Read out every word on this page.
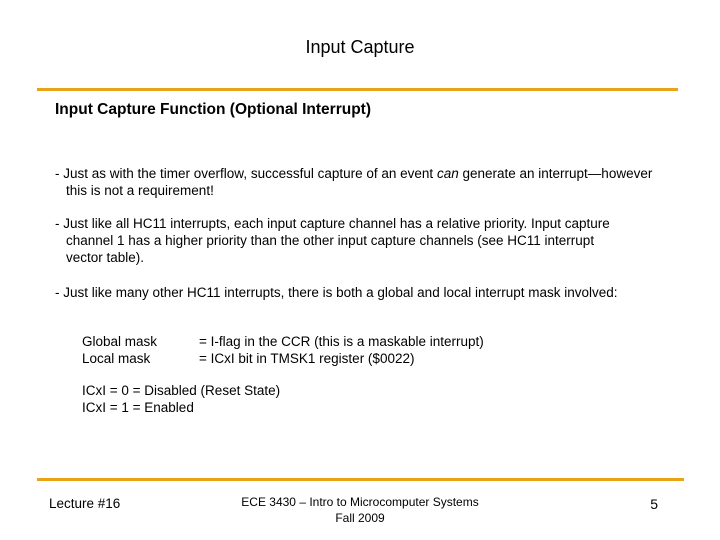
Input Capture
Input Capture Function (Optional Interrupt)
- Just as with the timer overflow, successful capture of an event can generate an interrupt—however
this is not a requirement!
- Just like all HC11 interrupts, each input capture channel has a relative priority. Input capture
channel 1 has a higher priority than the other input capture channels (see HC11 interrupt
vector table).
- Just like many other HC11 interrupts, there is both a global and local interrupt mask involved:
Global mask	= I-flag in the CCR (this is a maskable interrupt)
Local mask	= ICxI bit in TMSK1 register ($0022)
ICxI = 0 = Disabled (Reset State)
ICxI = 1 = Enabled
Lecture #16	ECE 3430 – Intro to Microcomputer Systems
Fall 2009
5
